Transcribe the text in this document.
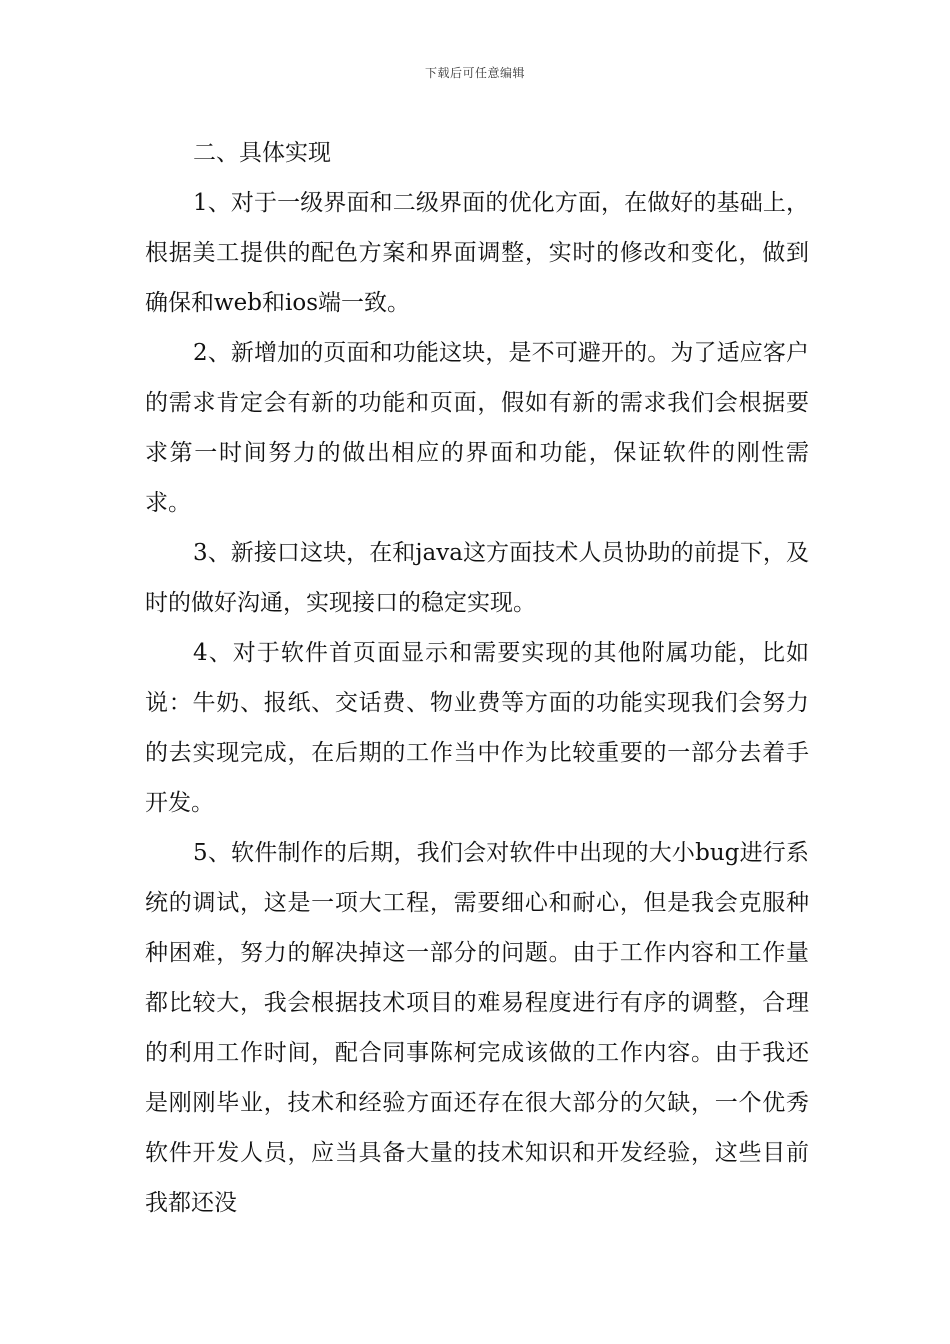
下载后可任意编辑

二、具体实现

1、对于一级界面和二级界面的优化方面，在做好的基础上，根据美工提供的配色方案和界面调整，实时的修改和变化，做到确保和web和ios端一致。

2、新增加的页面和功能这块，是不可避开的。为了适应客户的需求肯定会有新的功能和页面，假如有新的需求我们会根据要求第一时间努力的做出相应的界面和功能，保证软件的刚性需求。

3、新接口这块，在和java这方面技术人员协助的前提下，及时的做好沟通，实现接口的稳定实现。

4、对于软件首页面显示和需要实现的其他附属功能，比如说：牛奶、报纸、交话费、物业费等方面的功能实现我们会努力的去实现完成，在后期的工作当中作为比较重要的一部分去着手开发。

5、软件制作的后期，我们会对软件中出现的大小bug进行系统的调试，这是一项大工程，需要细心和耐心，但是我会克服种种困难，努力的解决掉这一部分的问题。由于工作内容和工作量都比较大，我会根据技术项目的难易程度进行有序的调整，合理的利用工作时间，配合同事陈柯完成该做的工作内容。由于我还是刚刚毕业，技术和经验方面还存在很大部分的欠缺，一个优秀软件开发人员，应当具备大量的技术知识和开发经验，这些目前我都还没
